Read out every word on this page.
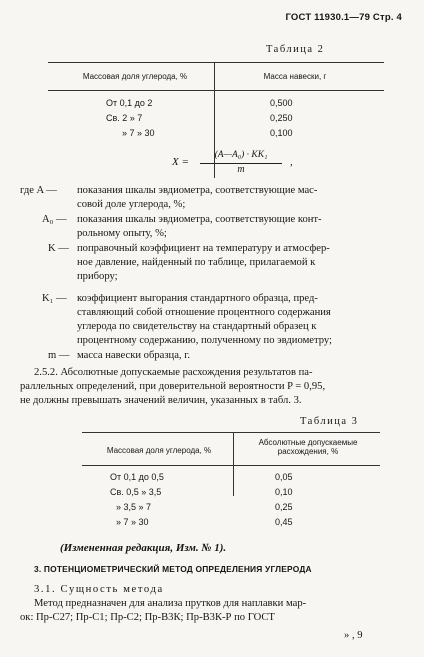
ГОСТ 11930.1—79 Стр. 4
Таблица 2
Массовая доля углерода, %	Масса навески, г
От 0,1 до 2	0,500
Св. 2 » 7	0,250
» 7 » 30	0,100
X =
(A—A₀) · KK₁
m
,
где A — показания шкалы эвдиометра, соответствующие мас-
совой доле углерода, %;
A₀ — показания шкалы эвдиометра, соответствующие конт-
рольному опыту, %;
K — поправочный коэффициент на температуру и атмосфер-
ное давление, найденный по таблице, прилагаемой к
прибору;
K₁ — коэффициент выгорания стандартного образца, пред-
ставляющий собой отношение процентного содержания
углерода по свидетельству на стандартный образец к
процентному содержанию, полученному по эвдиометру;
m — масса навески образца, г.
2.5.2. Абсолютные допускаемые расхождения результатов па-
раллельных определений, при доверительной вероятности P = 0,95,
не должны превышать значений величин, указанных в табл. 3.
Таблица 3
Массовая доля углерода, %
Абсолютные допускаемые
расхождения, %
От 0,1 до 0,5	0,05
Св. 0,5 » 3,5	0,10
» 3,5 » 7	0,25
» 7 » 30	0,45
(Измененная редакция, Изм. № 1).
3. ПОТЕНЦИОМЕТРИЧЕСКИЙ МЕТОД ОПРЕДЕЛЕНИЯ УГЛЕРОДА
3.1. Сущность метода
Метод предназначен для анализа прутков для наплавки мар-
ок: Пр-С27; Пр-С1; Пр-С2; Пр-В3К; Пр-В3К-Р по ГОСТ
» , 9
